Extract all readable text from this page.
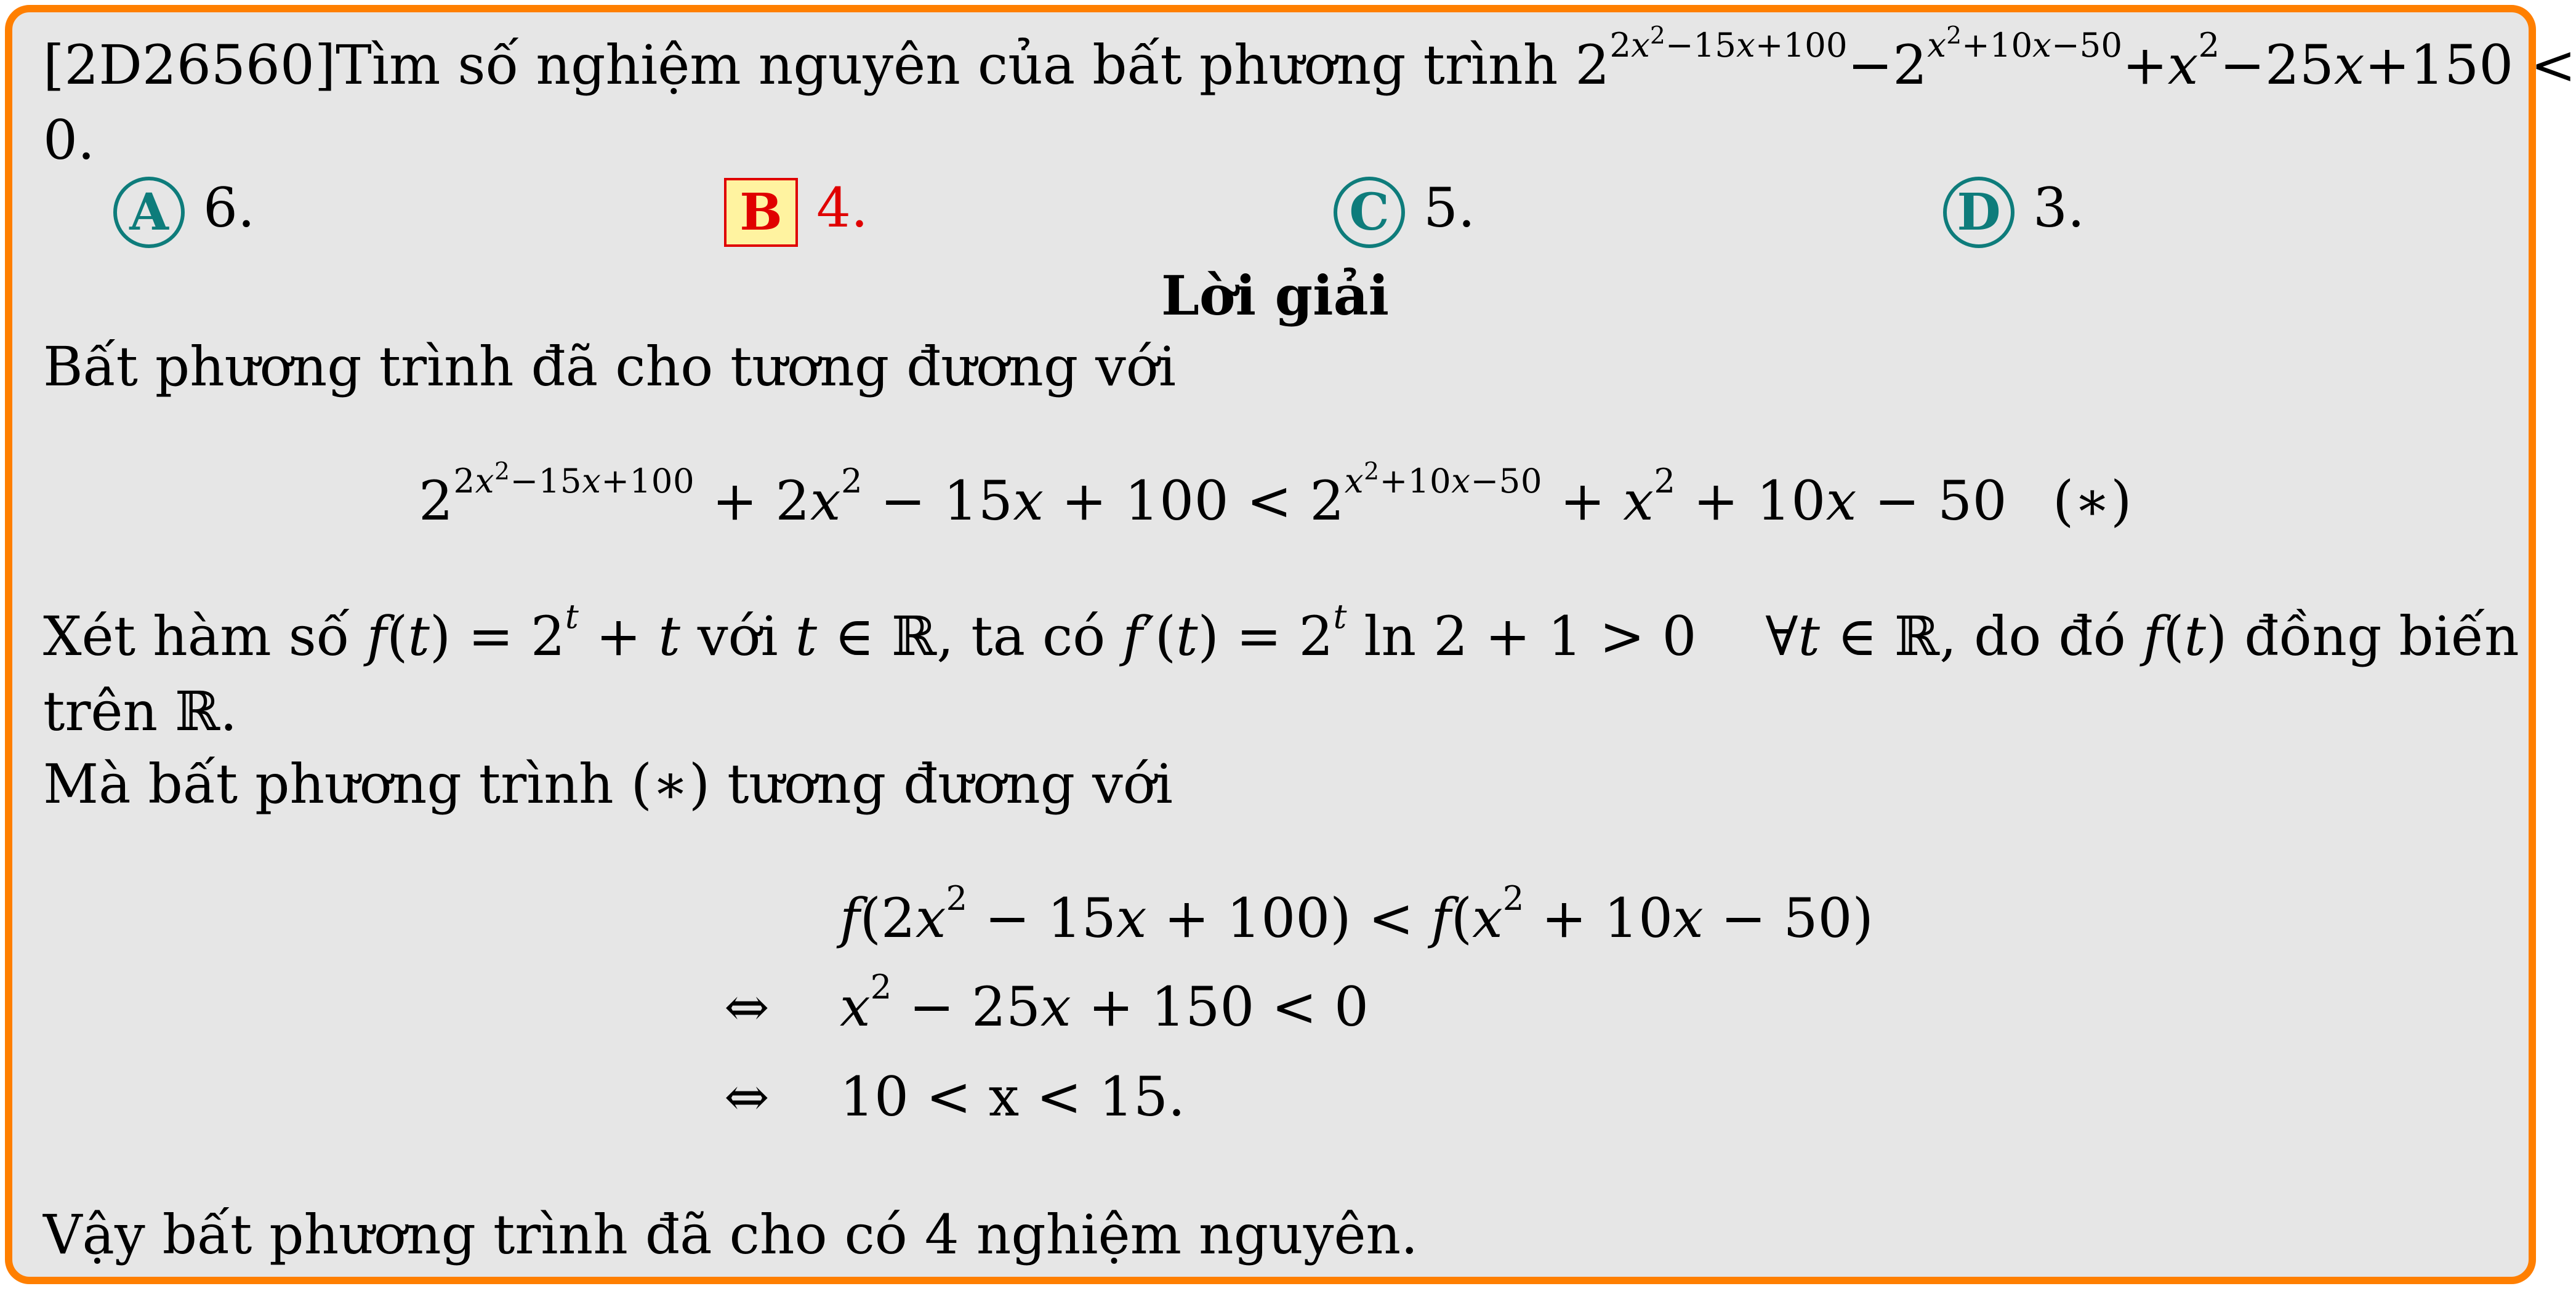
[2D26560]Tìm số nghiệm nguyên của bất phương trình $2^{2x^2-15x+100}-2^{x^2+10x-50}+x^2-25x+150$ <
0.
A 6.	B 4.	C 5.	D 3.
Lời giải
Bất phương trình đã cho tương đương với
$2^{2x^2-15x+100} + 2x^2 - 15x + 100 < 2^{x^2+10x-50} + x^2 + 10x - 50$ (∗)
Xét hàm số $f(t) = 2^t + t$ với t ∈ ℝ, ta có $f'(t) = 2^t$ ln 2 + 1 > 0    ∀t ∈ ℝ, do đó f(t) đồng biến
trên ℝ.
Mà bất phương trình (∗) tương đương với
$f(2x^2 - 15x + 100) < f(x^2 + 10x - 50)$
⇔ $x^2 - 25x + 150 < 0$
⇔ 10 < x < 15.
Vậy bất phương trình đã cho có 4 nghiệm nguyên.
